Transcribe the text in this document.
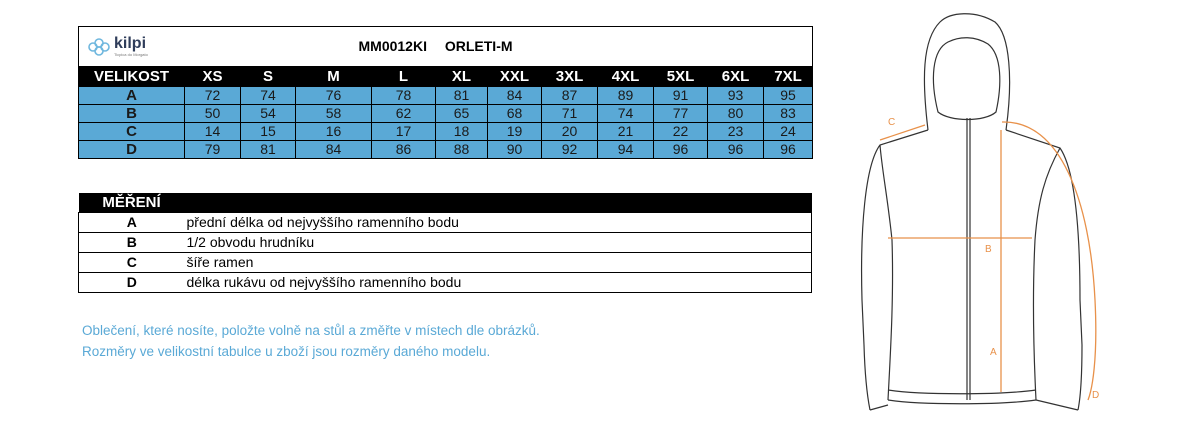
kilpi
Ticpica do Morgato	MM0012KI ORLETI-M										
VELIKOST	XS	S	M	L	XL	XXL	3XL	4XL	5XL	6XL	7XL
A	72	74	76	78	81	84	87	89	91	93	95
B	50	54	58	62	65	68	71	74	77	80	83
C	14	15	16	17	18	19	20	21	22	23	24
D	79	81	84	86	88	90	92	94	96	96	96
MĚŘENÍ	
A	přední délka od nejvyššího ramenního bodu
B	1/2 obvodu hrudníku
C	šíře ramen
D	délka rukávu od nejvyššího ramenního bodu
Oblečení, které nosíte, položte volně na stůl a změřte v místech dle obrázků.
Rozměry ve velikostní tabulce u zboží jsou rozměry daného modelu.
C
B
A
D
